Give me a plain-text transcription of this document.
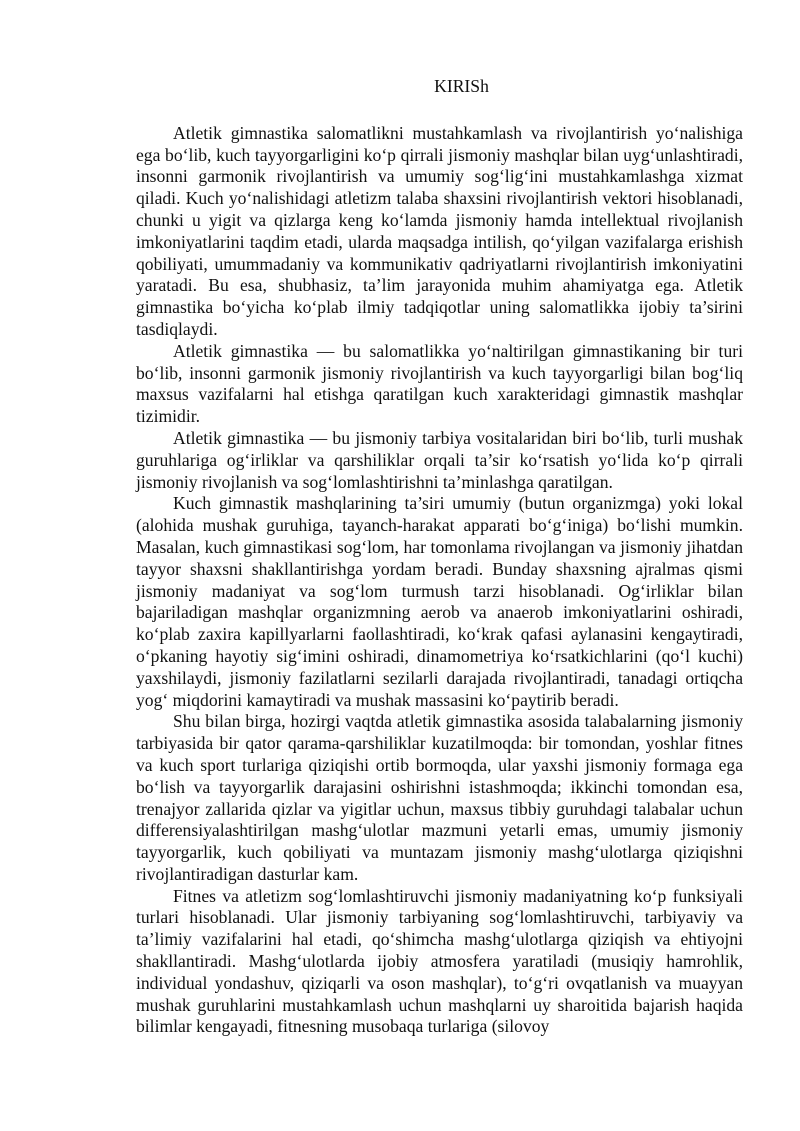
KIRISh

Atletik gimnastika salomatlikni mustahkamlash va rivojlantirish yo‘nalishiga ega bo‘lib, kuch tayyorgarligini ko‘p qirrali jismoniy mashqlar bilan uyg‘unlashtiradi, insonni garmonik rivojlantirish va umumiy sog‘lig‘ini mustahkamlashga xizmat qiladi. Kuch yo‘nalishidagi atletizm talaba shaxsini rivojlantirish vektori hisoblanadi, chunki u yigit va qizlarga keng ko‘lamda jismoniy hamda intellektual rivojlanish imkoniyatlarini taqdim etadi, ularda maqsadga intilish, qo‘yilgan vazifalarga erishish qobiliyati, umummadaniy va kommunikativ qadriyatlarni rivojlantirish imkoniyatini yaratadi. Bu esa, shubhasiz, ta’lim jarayonida muhim ahamiyatga ega. Atletik gimnastika bo‘yicha ko‘plab ilmiy tadqiqotlar uning salomatlikka ijobiy ta’sirini tasdiqlaydi.

Atletik gimnastika — bu salomatlikka yo‘naltirilgan gimnastikaning bir turi bo‘lib, insonni garmonik jismoniy rivojlantirish va kuch tayyorgarligi bilan bog‘liq maxsus vazifalarni hal etishga qaratilgan kuch xarakteridagi gimnastik mashqlar tizimidir.

Atletik gimnastika — bu jismoniy tarbiya vositalaridan biri bo‘lib, turli mushak guruhlariga og‘irliklar va qarshiliklar orqali ta’sir ko‘rsatish yo‘lida ko‘p qirrali jismoniy rivojlanish va sog‘lomlashtirishni ta’minlashga qaratilgan.

Kuch gimnastik mashqlarining ta’siri umumiy (butun organizmga) yoki lokal (alohida mushak guruhiga, tayanch-harakat apparati bo‘g‘iniga) bo‘lishi mumkin. Masalan, kuch gimnastikasi sog‘lom, har tomonlama rivojlangan va jismoniy jihatdan tayyor shaxsni shakllantirishga yordam beradi. Bunday shaxsning ajralmas qismi jismoniy madaniyat va sog‘lom turmush tarzi hisoblanadi. Og‘irliklar bilan bajariladigan mashqlar organizmning aerob va anaerob imkoniyatlarini oshiradi, ko‘plab zaxira kapillyarlarni faollashtiradi, ko‘krak qafasi aylanasini kengaytiradi, o‘pkaning hayotiy sig‘imini oshiradi, dinamometriya ko‘rsatkichlarini (qo‘l kuchi) yaxshilaydi, jismoniy fazilatlarni sezilarli darajada rivojlantiradi, tanadagi ortiqcha yog‘ miqdorini kamaytiradi va mushak massasini ko‘paytirib beradi.

Shu bilan birga, hozirgi vaqtda atletik gimnastika asosida talabalarning jismoniy tarbiyasida bir qator qarama-qarshiliklar kuzatilmoqda: bir tomondan, yoshlar fitnes va kuch sport turlariga qiziqishi ortib bormoqda, ular yaxshi jismoniy formaga ega bo‘lish va tayyorgarlik darajasini oshirishni istashmoqda; ikkinchi tomondan esa, trenajyor zallarida qizlar va yigitlar uchun, maxsus tibbiy guruhdagi talabalar uchun differensiyalashtirilgan mashg‘ulotlar mazmuni yetarli emas, umumiy jismoniy tayyorgarlik, kuch qobiliyati va muntazam jismoniy mashg‘ulotlarga qiziqishni rivojlantiradigan dasturlar kam.

Fitnes va atletizm sog‘lomlashtiruvchi jismoniy madaniyatning ko‘p funksiyali turlari hisoblanadi. Ular jismoniy tarbiyaning sog‘lomlashtiruvchi, tarbiyaviy va ta’limiy vazifalarini hal etadi, qo‘shimcha mashg‘ulotlarga qiziqish va ehtiyojni shakllantiradi. Mashg‘ulotlarda ijobiy atmosfera yaratiladi (musiqiy hamrohlik, individual yondashuv, qiziqarli va oson mashqlar), to‘g‘ri ovqatlanish va muayyan mushak guruhlarini mustahkamlash uchun mashqlarni uy sharoitida bajarish haqida bilimlar kengayadi, fitnesning musobaqa turlariga (silovoy
